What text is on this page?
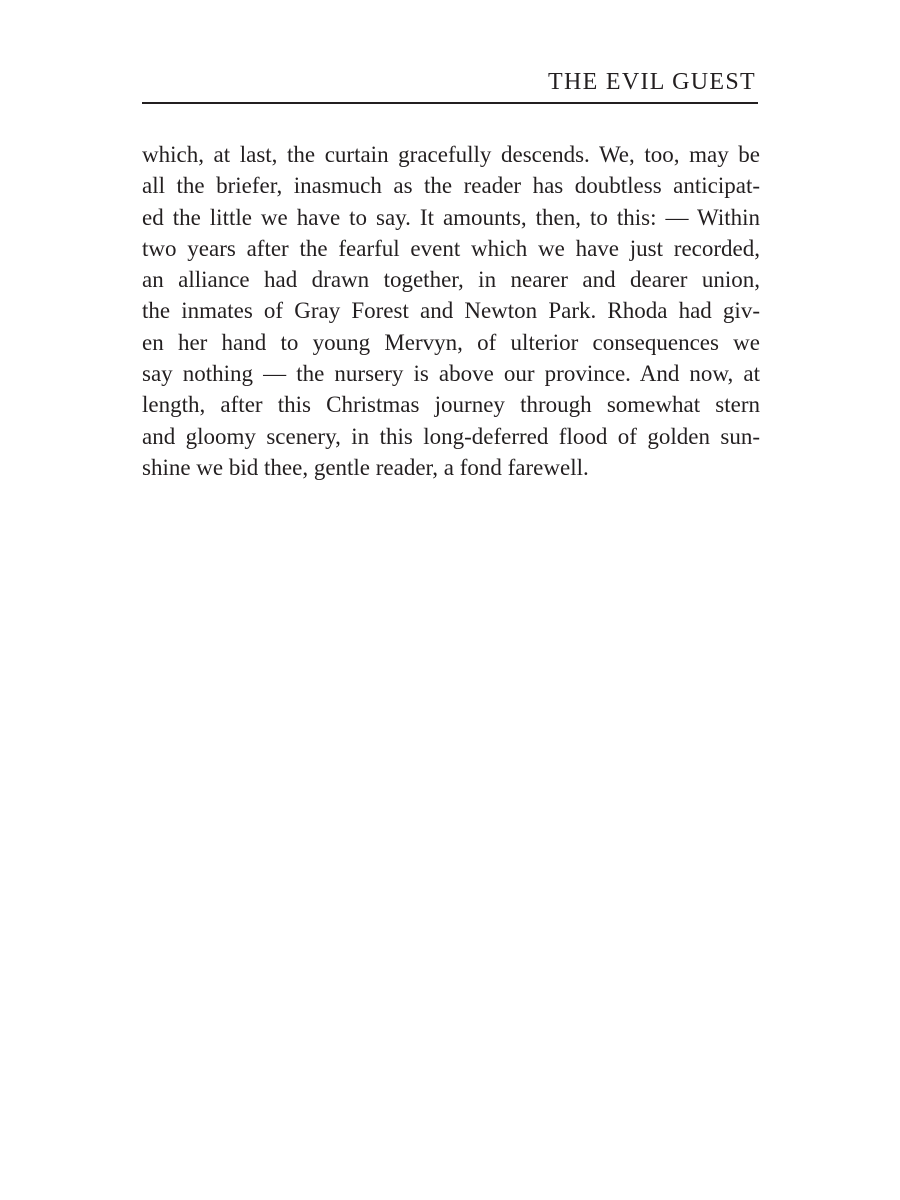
THE EVIL GUEST
which, at last, the curtain gracefully descends. We, too, may be
all the briefer, inasmuch as the reader has doubtless anticipat-
ed the little we have to say. It amounts, then, to this: — Within
two years after the fearful event which we have just recorded,
an alliance had drawn together, in nearer and dearer union,
the inmates of Gray Forest and Newton Park. Rhoda had giv-
en her hand to young Mervyn, of ulterior consequences we
say nothing — the nursery is above our province. And now, at
length, after this Christmas journey through somewhat stern
and gloomy scenery, in this long-deferred flood of golden sun-
shine we bid thee, gentle reader, a fond farewell.
